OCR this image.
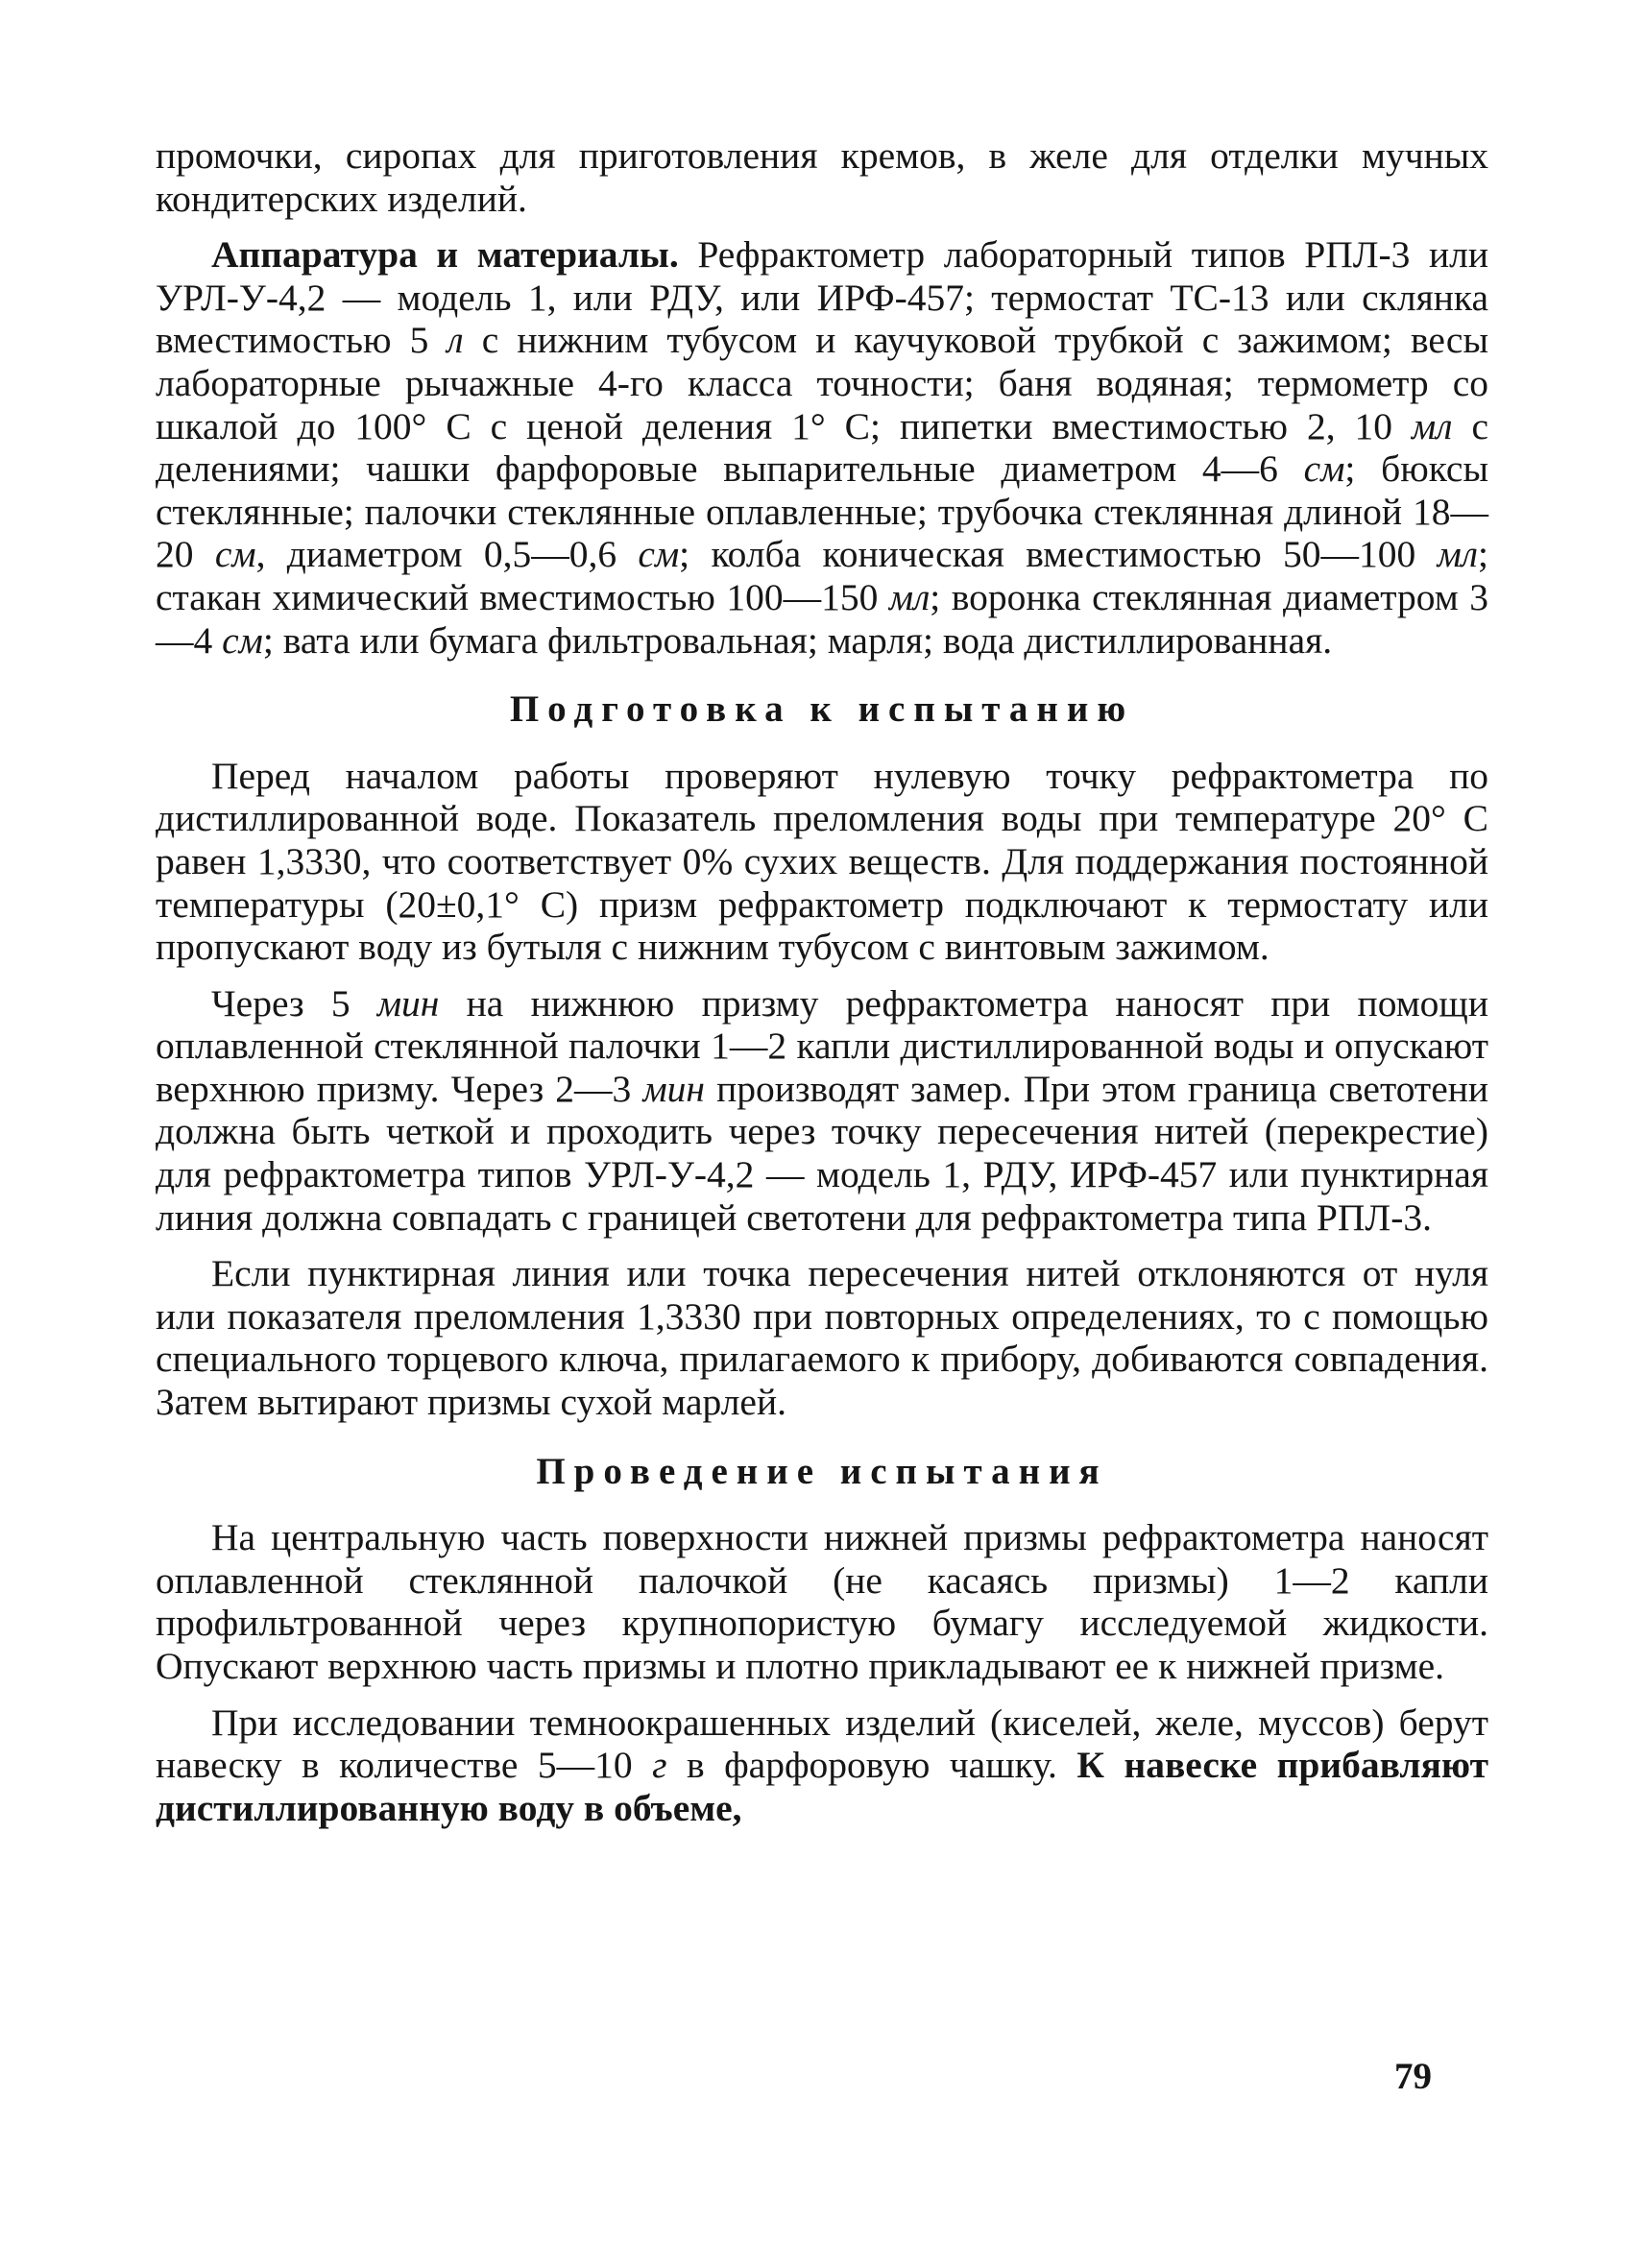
промочки, сиропах для приготовления кремов, в желе для отделки мучных кондитерских изделий.

Аппаратура и материалы. Рефрактометр лабораторный типов РПЛ-3 или УРЛ-У-4,2 — модель 1, или РДУ, или ИРФ-457; термостат ТС-13 или склянка вместимостью 5 л с нижним тубусом и каучуковой трубкой с зажимом; весы лабораторные рычажные 4-го класса точности; баня водяная; термометр со шкалой до 100° С с ценой деления 1° С; пипетки вместимостью 2, 10 мл с делениями; чашки фарфоровые выпарительные диаметром 4—6 см; бюксы стеклянные; палочки стеклянные оплавленные; трубочка стеклянная длиной 18—20 см, диаметром 0,5—0,6 см; колба коническая вместимостью 50—100 мл; стакан химический вместимостью 100—150 мл; воронка стеклянная диаметром 3—4 см; вата или бумага фильтровальная; марля; вода дистиллированная.

Подготовка к испытанию

Перед началом работы проверяют нулевую точку рефрактометра по дистиллированной воде. Показатель преломления воды при температуре 20° С равен 1,3330, что соответствует 0% сухих веществ. Для поддержания постоянной температуры (20±0,1° С) призм рефрактометр подключают к термостату или пропускают воду из бутыля с нижним тубусом с винтовым зажимом.

Через 5 мин на нижнюю призму рефрактометра наносят при помощи оплавленной стеклянной палочки 1—2 капли дистиллированной воды и опускают верхнюю призму. Через 2—3 мин производят замер. При этом граница светотени должна быть четкой и проходить через точку пересечения нитей (перекрестие) для рефрактометра типов УРЛ-У-4,2 — модель 1, РДУ, ИРФ-457 или пунктирная линия должна совпадать с границей светотени для рефрактометра типа РПЛ-3.

Если пунктирная линия или точка пересечения нитей отклоняются от нуля или показателя преломления 1,3330 при повторных определениях, то с помощью специального торцевого ключа, прилагаемого к прибору, добиваются совпадения. Затем вытирают призмы сухой марлей.

Проведение испытания

На центральную часть поверхности нижней призмы рефрактометра наносят оплавленной стеклянной палочкой (не касаясь призмы) 1—2 капли профильтрованной через крупнопористую бумагу исследуемой жидкости. Опускают верхнюю часть призмы и плотно прикладывают ее к нижней призме.

При исследовании темноокрашенных изделий (киселей, желе, муссов) берут навеску в количестве 5—10 г в фарфоровую чашку. К навеске прибавляют дистиллированную воду в объеме,

79
